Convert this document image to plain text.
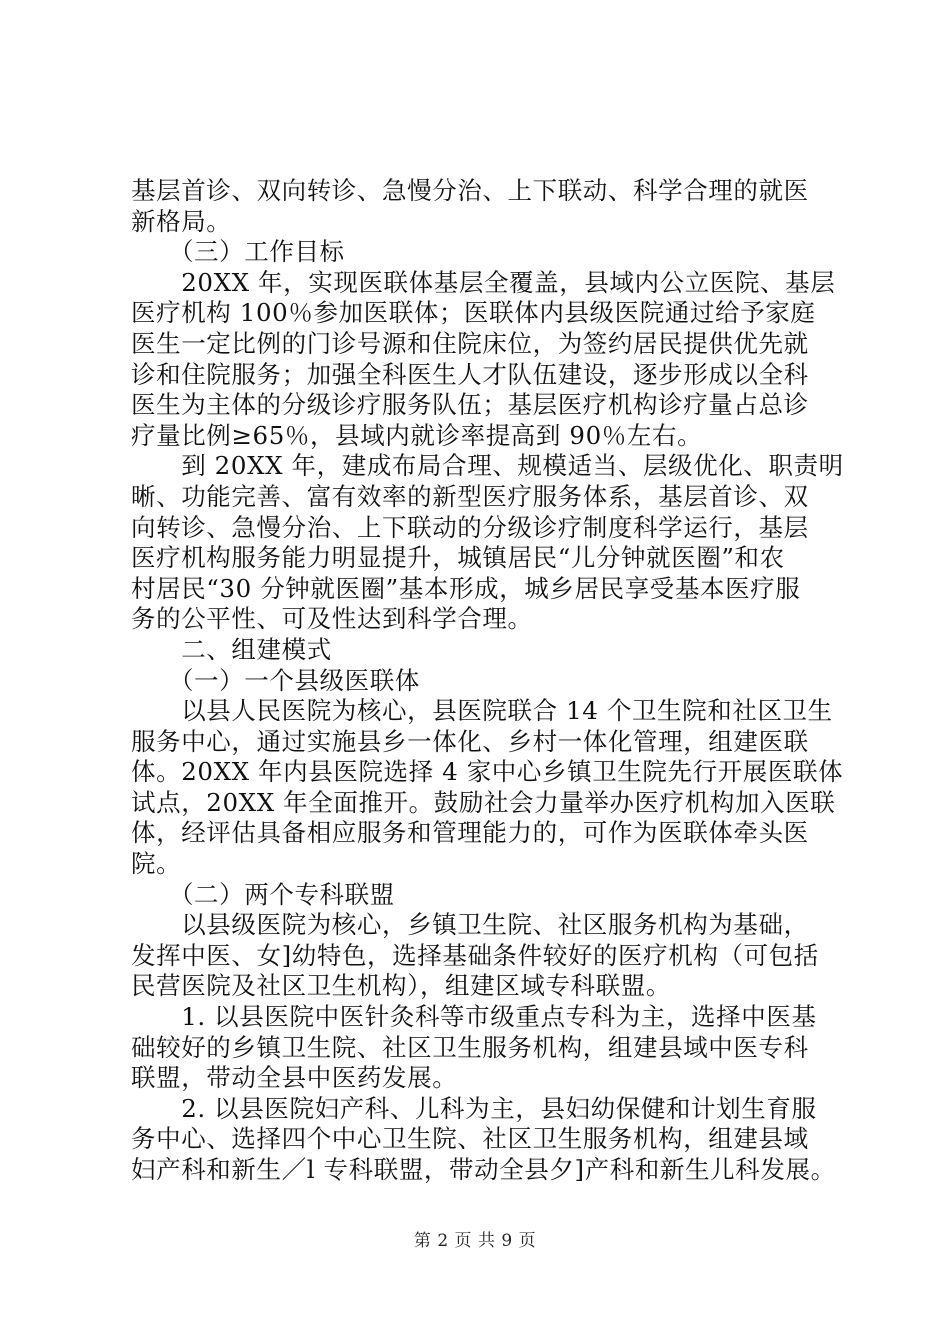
基层首诊、双向转诊、急慢分治、上下联动、科学合理的就医
新格局。
　　（三）工作目标
　　20XX 年，实现医联体基层全覆盖，县域内公立医院、基层
医疗机构 100％参加医联体；医联体内县级医院通过给予家庭
医生一定比例的门诊号源和住院床位，为签约居民提供优先就
诊和住院服务；加强全科医生人才队伍建设，逐步形成以全科
医生为主体的分级诊疗服务队伍；基层医疗机构诊疗量占总诊
疗量比例≥65％，县域内就诊率提高到 90％左右。
　　到 20XX 年，建成布局合理、规模适当、层级优化、职责明
晰、功能完善、富有效率的新型医疗服务体系，基层首诊、双
向转诊、急慢分治、上下联动的分级诊疗制度科学运行，基层
医疗机构服务能力明显提升，城镇居民“儿分钟就医圈”和农
村居民“30 分钟就医圈”基本形成，城乡居民享受基本医疗服
务的公平性、可及性达到科学合理。
　　二、组建模式
　　（一）一个县级医联体
　　以县人民医院为核心，县医院联合 14 个卫生院和社区卫生
服务中心，通过实施县乡一体化、乡村一体化管理，组建医联
体。20XX 年内县医院选择 4 家中心乡镇卫生院先行开展医联体
试点，20XX 年全面推开。鼓励社会力量举办医疗机构加入医联
体，经评估具备相应服务和管理能力的，可作为医联体牵头医
院。
　　（二）两个专科联盟
　　以县级医院为核心，乡镇卫生院、社区服务机构为基础，
发挥中医、女]幼特色，选择基础条件较好的医疗机构（可包括
民营医院及社区卫生机构），组建区域专科联盟。
　　1. 以县医院中医针灸科等市级重点专科为主，选择中医基
础较好的乡镇卫生院、社区卫生服务机构，组建县域中医专科
联盟，带动全县中医药发展。
　　2. 以县医院妇产科、儿科为主，县妇幼保健和计划生育服
务中心、选择四个中心卫生院、社区卫生服务机构，组建县域
妇产科和新生／l 专科联盟，带动全县夕]产科和新生儿科发展。
第 2 页 共 9 页
